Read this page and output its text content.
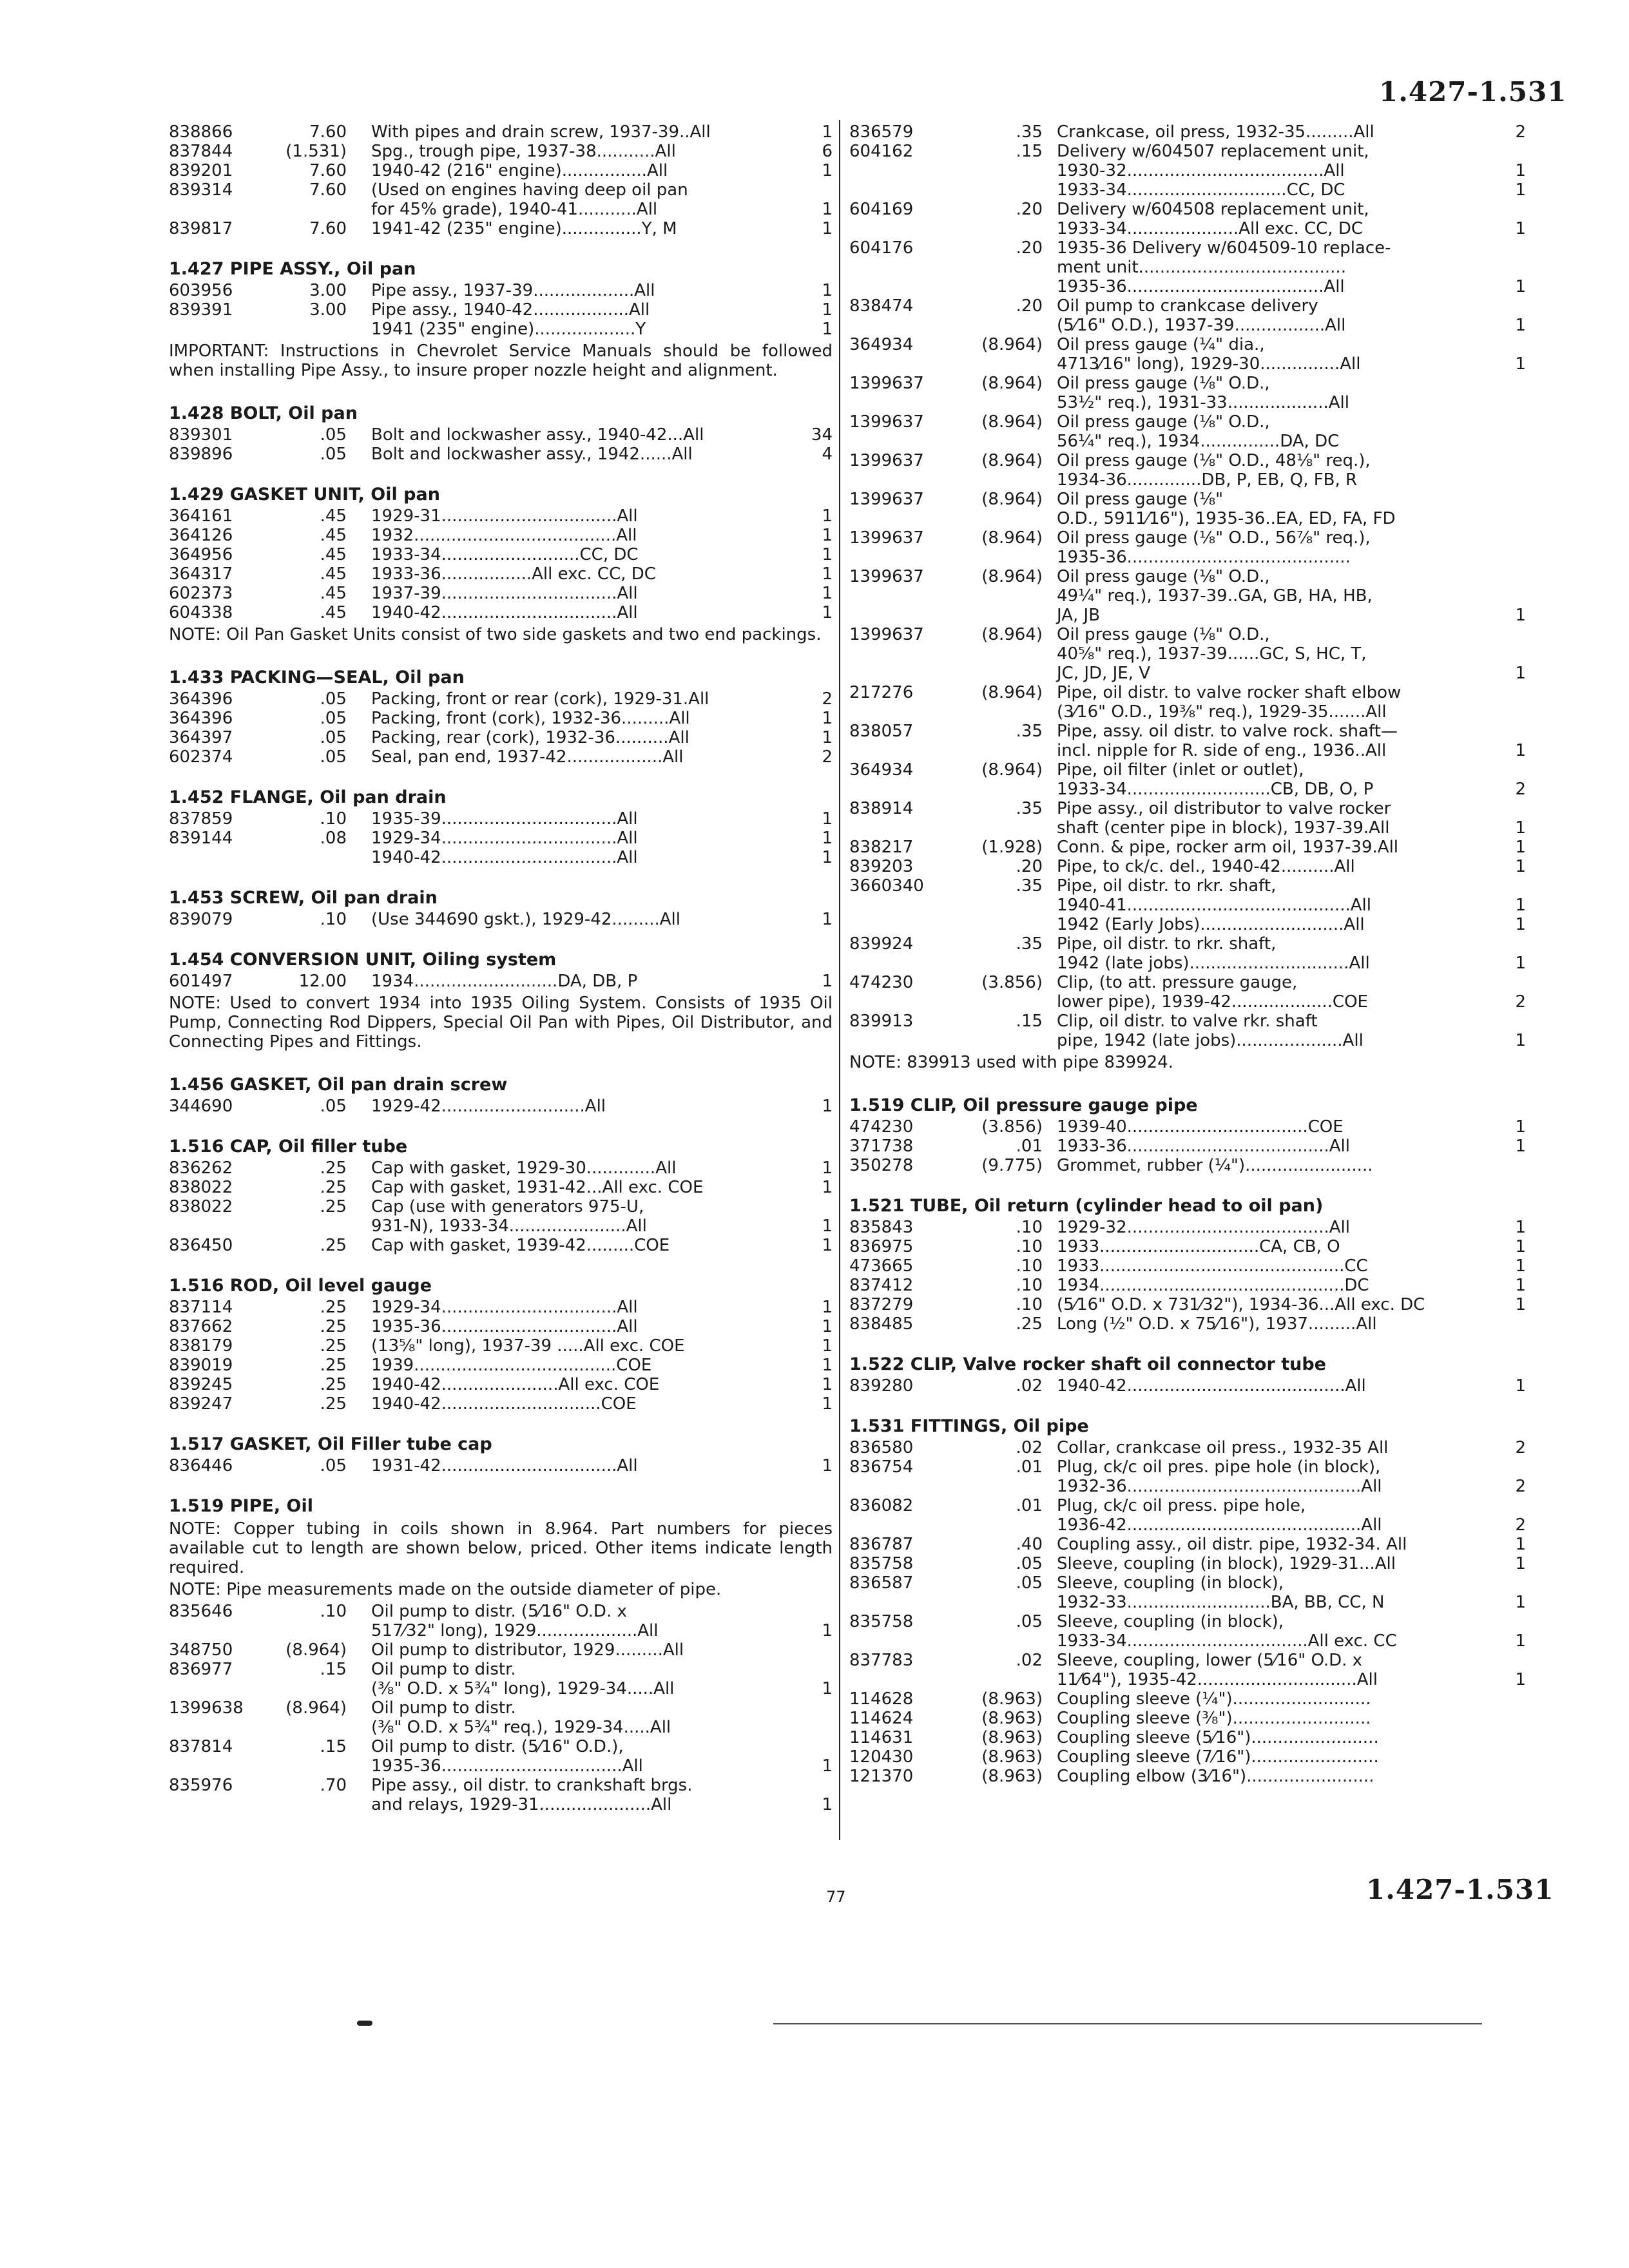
1.427-1.531
838866	7.60 With pipes and drain screw, 1937-39..All	1
837844	(1.531) Spg., trough pipe, 1937-38...........All	6
839201	7.60 1940-42 (216" engine)................All	1
839314	7.60 (Used on engines having deep oil pan
for 45% grade), 1940-41...........All	1
839817	7.60 1941-42 (235" engine)...............Y, M	1
1.427 PIPE ASSY., Oil pan
603956	3.00 Pipe assy., 1937-39...................All	1
839391	3.00 Pipe assy., 1940-42..................All	1
1941 (235" engine)...................Y	1
IMPORTANT: Instructions in Chevrolet Service Manuals should be followed when installing Pipe Assy., to insure proper nozzle height and alignment.
1.428 BOLT, Oil pan
839301	.05 Bolt and lockwasher assy., 1940-42...All	34
839896	.05 Bolt and lockwasher assy., 1942......All	4
1.429 GASKET UNIT, Oil pan
364161	.45 1929-31.................................All	1
364126	.45 1932......................................All	1
364956	.45 1933-34..........................CC, DC	1
364317	.45 1933-36.................All exc. CC, DC	1
602373	.45 1937-39.................................All	1
604338	.45 1940-42.................................All	1
NOTE: Oil Pan Gasket Units consist of two side gaskets and two end packings.
1.433 PACKING—SEAL, Oil pan
364396	.05 Packing, front or rear (cork), 1929-31.All	2
364396	.05 Packing, front (cork), 1932-36.........All	1
364397	.05 Packing, rear (cork), 1932-36..........All	1
602374	.05 Seal, pan end, 1937-42..................All	2
1.452 FLANGE, Oil pan drain
837859	.10 1935-39.................................All	1
839144	.08 1929-34.................................All	1
1940-42.................................All	1
1.453 SCREW, Oil pan drain
839079	.10 (Use 344690 gskt.), 1929-42.........All	1
1.454 CONVERSION UNIT, Oiling system
601497	12.00 1934...........................DA, DB, P	1
NOTE: Used to convert 1934 into 1935 Oiling System. Consists of 1935 Oil Pump, Connecting Rod Dippers, Special Oil Pan with Pipes, Oil Distributor, and Connecting Pipes and Fittings.
1.456 GASKET, Oil pan drain screw
344690	.05 1929-42...........................All	1
1.516 CAP, Oil filler tube
836262	.25 Cap with gasket, 1929-30.............All	1
838022	.25 Cap with gasket, 1931-42...All exc. COE	1
838022	.25 Cap (use with generators 975-U,
931-N), 1933-34......................All	1
836450	.25 Cap with gasket, 1939-42.........COE	1
1.516 ROD, Oil level gauge
837114	.25 1929-34.................................All	1
837662	.25 1935-36.................................All	1
838179	.25 (13⅝" long), 1937-39 .....All exc. COE	1
839019	.25 1939......................................COE	1
839245	.25 1940-42......................All exc. COE	1
839247	.25 1940-42..............................COE	1
1.517 GASKET, Oil Filler tube cap
836446	.05 1931-42.................................All	1
1.519 PIPE, Oil
NOTE: Copper tubing in coils shown in 8.964. Part numbers for pieces available cut to length are shown below, priced. Other items indicate length required.
NOTE: Pipe measurements made on the outside diameter of pipe.
835646	.10 Oil pump to distr. (5⁄16" O.D. x
517⁄32" long), 1929...................All	1
348750	(8.964) Oil pump to distributor, 1929.........All
836977	.15 Oil pump to distr.
(⅜" O.D. x 5¾" long), 1929-34.....All	1
1399638	(8.964) Oil pump to distr.
(⅜" O.D. x 5¾" req.), 1929-34.....All
837814	.15 Oil pump to distr. (5⁄16" O.D.),
1935-36..................................All	1
835976	.70 Pipe assy., oil distr. to crankshaft brgs.
and relays, 1929-31.....................All	1
836579	.35 Crankcase, oil press, 1932-35.........All	2
604162	.15 Delivery w/604507 replacement unit,
1930-32.....................................All	1
1933-34..............................CC, DC	1
604169	.20 Delivery w/604508 replacement unit,
1933-34.....................All exc. CC, DC	1
604176	.20 1935-36 Delivery w/604509-10 replace-
ment unit.......................................
1935-36.....................................All	1
838474	.20 Oil pump to crankcase delivery
(5⁄16" O.D.), 1937-39.................All	1
364934	(8.964) Oil press gauge (¼" dia.,
4713⁄16" long), 1929-30...............All	1
1399637	(8.964) Oil press gauge (⅛" O.D.,
53½" req.), 1931-33...................All
1399637	(8.964) Oil press gauge (⅛" O.D.,
56¼" req.), 1934...............DA, DC
1399637	(8.964) Oil press gauge (⅛" O.D., 48⅛" req.),
1934-36..............DB, P, EB, Q, FB, R
1399637	(8.964) Oil press gauge (⅛"
O.D., 5911⁄16"), 1935-36..EA, ED, FA, FD
1399637	(8.964) Oil press gauge (⅛" O.D., 56⅞" req.),
1935-36..........................................
1399637	(8.964) Oil press gauge (⅛" O.D.,
49¼" req.), 1937-39..GA, GB, HA, HB,
JA, JB	1
1399637	(8.964) Oil press gauge (⅛" O.D.,
40⅝" req.), 1937-39......GC, S, HC, T,
JC, JD, JE, V	1
217276	(8.964) Pipe, oil distr. to valve rocker shaft elbow
(3⁄16" O.D., 19⅜" req.), 1929-35.......All
838057	.35 Pipe, assy. oil distr. to valve rock. shaft—
incl. nipple for R. side of eng., 1936..All	1
364934	(8.964) Pipe, oil filter (inlet or outlet),
1933-34...........................CB, DB, O, P	2
838914	.35 Pipe assy., oil distributor to valve rocker
shaft (center pipe in block), 1937-39.All	1
838217	(1.928) Conn. & pipe, rocker arm oil, 1937-39.All	1
839203	.20 Pipe, to ck/c. del., 1940-42..........All	1
3660340	.35 Pipe, oil distr. to rkr. shaft,
1940-41..........................................All	1
1942 (Early Jobs)...........................All	1
839924	.35 Pipe, oil distr. to rkr. shaft,
1942 (late jobs)..............................All	1
474230	(3.856) Clip, (to att. pressure gauge,
lower pipe), 1939-42...................COE	2
839913	.15 Clip, oil distr. to valve rkr. shaft
pipe, 1942 (late jobs)....................All	1
NOTE: 839913 used with pipe 839924.
1.519 CLIP, Oil pressure gauge pipe
474230	(3.856) 1939-40..................................COE	1
371738	.01 1933-36......................................All	1
350278	(9.775) Grommet, rubber (¼")........................
1.521 TUBE, Oil return (cylinder head to oil pan)
835843	.10 1929-32......................................All	1
836975	.10 1933..............................CA, CB, O	1
473665	.10 1933..............................................CC	1
837412	.10 1934..............................................DC	1
837279	.10 (5⁄16" O.D. x 731⁄32"), 1934-36...All exc. DC	1
838485	.25 Long (½" O.D. x 75⁄16"), 1937.........All
1.522 CLIP, Valve rocker shaft oil connector tube
839280	.02 1940-42.........................................All	1
1.531 FITTINGS, Oil pipe
836580	.02 Collar, crankcase oil press., 1932-35 All	2
836754	.01 Plug, ck/c oil pres. pipe hole (in block),
1932-36............................................All	2
836082	.01 Plug, ck/c oil press. pipe hole,
1936-42............................................All	2
836787	.40 Coupling assy., oil distr. pipe, 1932-34. All	1
835758	.05 Sleeve, coupling (in block), 1929-31...All	1
836587	.05 Sleeve, coupling (in block),
1932-33...........................BA, BB, CC, N	1
835758	.05 Sleeve, coupling (in block),
1933-34..................................All exc. CC	1
837783	.02 Sleeve, coupling, lower (5⁄16" O.D. x
11⁄64"), 1935-42..............................All	1
114628	(8.963) Coupling sleeve (¼")..........................
114624	(8.963) Coupling sleeve (⅜")..........................
114631	(8.963) Coupling sleeve (5⁄16")........................
120430	(8.963) Coupling sleeve (7⁄16")........................
121370	(8.963) Coupling elbow (3⁄16")........................
77	1.427-1.531
